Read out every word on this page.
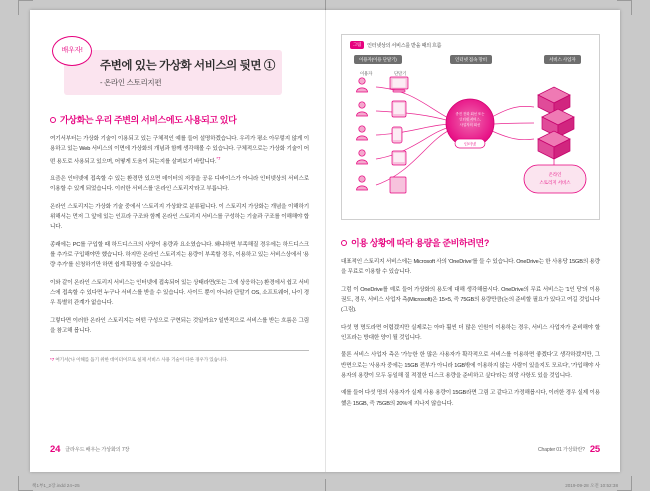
배우자!
주변에 있는 가상화 서비스의 뒷면 ①
- 온라인 스토리지편
가상화는 우리 주변의 서비스에도 사용되고 있다

여기서부터는 가상화 기술이 이용되고 있는 구체적인 예를 들어 설명하겠습니다. 우리가 평소 아무렇지 않게 이용하고 있는 Web 서비스의 이면에 가상화의 개념과 함께 생각해볼 수 있습니다. 구체적으로는 가상화 기술이 어떤 용도로 사용되고 있으며, 어떻게 도움이 되는지를 살펴보기 바랍니다.$^{*7}$

요즘은 인터넷에 접속할 수 있는 환경만 있으면 데이터의 저장을 공유 디바이스가 아니라 인터넷상의 서비스로 이용할 수 있게 되었습니다. 이러한 서비스를 '온라인 스토리지'라고 부릅니다.

온라인 스토리지는 가상화 기술 중에서 '스토리지 가상화'로 분류됩니다. 이 스토리지 가상화는 개념을 이해하기 위해서는 먼저 그 앞에 있는 인프라 구조와 함께 온라인 스토리지 서비스를 구성하는 기술과 구조를 이해해야 합니다.

종래에는 PC를 구입할 때 하드디스크의 사양이 용량과 요소였습니다. 왜냐하면 부족해질 경우에는 하드디스크를 추가로 구입해야만 했습니다. 하지만 온라인 스토리지는 용량이 부족할 경우, 이용하고 있는 서비스상에서 '용량 추가'를 신청하기만 하면 쉽게 확장할 수 있습니다.

이와 같이 온라인 스토리지 서비스는 인터넷에 접속되어 있는 상태라면(또는 그에 상응하는) 환경에서 쉽고 서비스에 접속할 수 있다면 누구나 서비스를 받을 수 있습니다. 사이드 뿐이 아니라 단말기 OS, 소프트웨어, 나이 경우 특별히 관계가 없습니다.

그렇다면 이러한 온라인 스토리지는 어떤 구성으로 구현되는 것일까요? 일반적으로 서비스를 받는 흐름은 그림 을 참고해 봅니다.

*7 여기서('나 이해를 돕기 위한 데이터이므로 실제 서비스 사용 기술이 다른 경우가 있습니다.
24 클라우드 배우는 가상화의 7장
그림	인터넷상의 서비스를 받을 때의 흐름
이용자(이용 단말기)	인터넷 접속 망비	서비스 사업자
이용자	단말기
종전 전화 회선 또는
인터넷 서비스,
사업자의 회선
인터넷
온라인
스토리지 서비스
이용 상황에 따라 용량을 준비하려면?

대표적인 스토리지 서비스에는 Microsoft 사의 'OneDrive'를 들 수 있습니다. OneDrive는 한 사용당 15GB의 용량을 무료로 이용할 수 있습니다.

그럼 이 OneDrive를 예로 들어 가상화의 용도에 대해 생각해봅시다. OneDrive의 무료 서비스는 '1인 당'의 이용권도, 경우, 서비스 사업자 측(Microsoft)은 15×5, 즉 75GB의 용량만큼(논의 준비할 필요가 있다고 여길 것입니다(그림).

다섯 명 명도라면 어렵겠지만 실제로는 아마 훨씬 더 많은 인원이 이용하는 경우, 서비스 사업자가 준비해야 할 인프라는 방대한 양이 될 것입니다.

물론 서비스 사업자 측은 '가능한 한 많은 사용자가 확각적으로 서비스를 이용하면 좋겠다'고 생각하겠지만, 그 반면으로는 '사용자 중에는 15GB 전부가 아니라 1GB밖에 이용하지 않는 사람이 있을지도 모르다', '가입해야 사용자의 용량이 모두 동일해 질 적절한 디스크 용량을 준비하고 싶다'라는 희망 사항도 있을 것입니다.

예를 들어 다섯 명의 사용자가 실제 사용 용량이 15GB라면 그림 고 같다고 가정해봅시다, 이러한 경우 실제 이용했은 15GB, 즉 75GB의 20%에 지나지 않습니다.

Chapter 01 가상화란? 25
책1부1_2장.indd 24~25	2019-09-28 오전 10:52:38
